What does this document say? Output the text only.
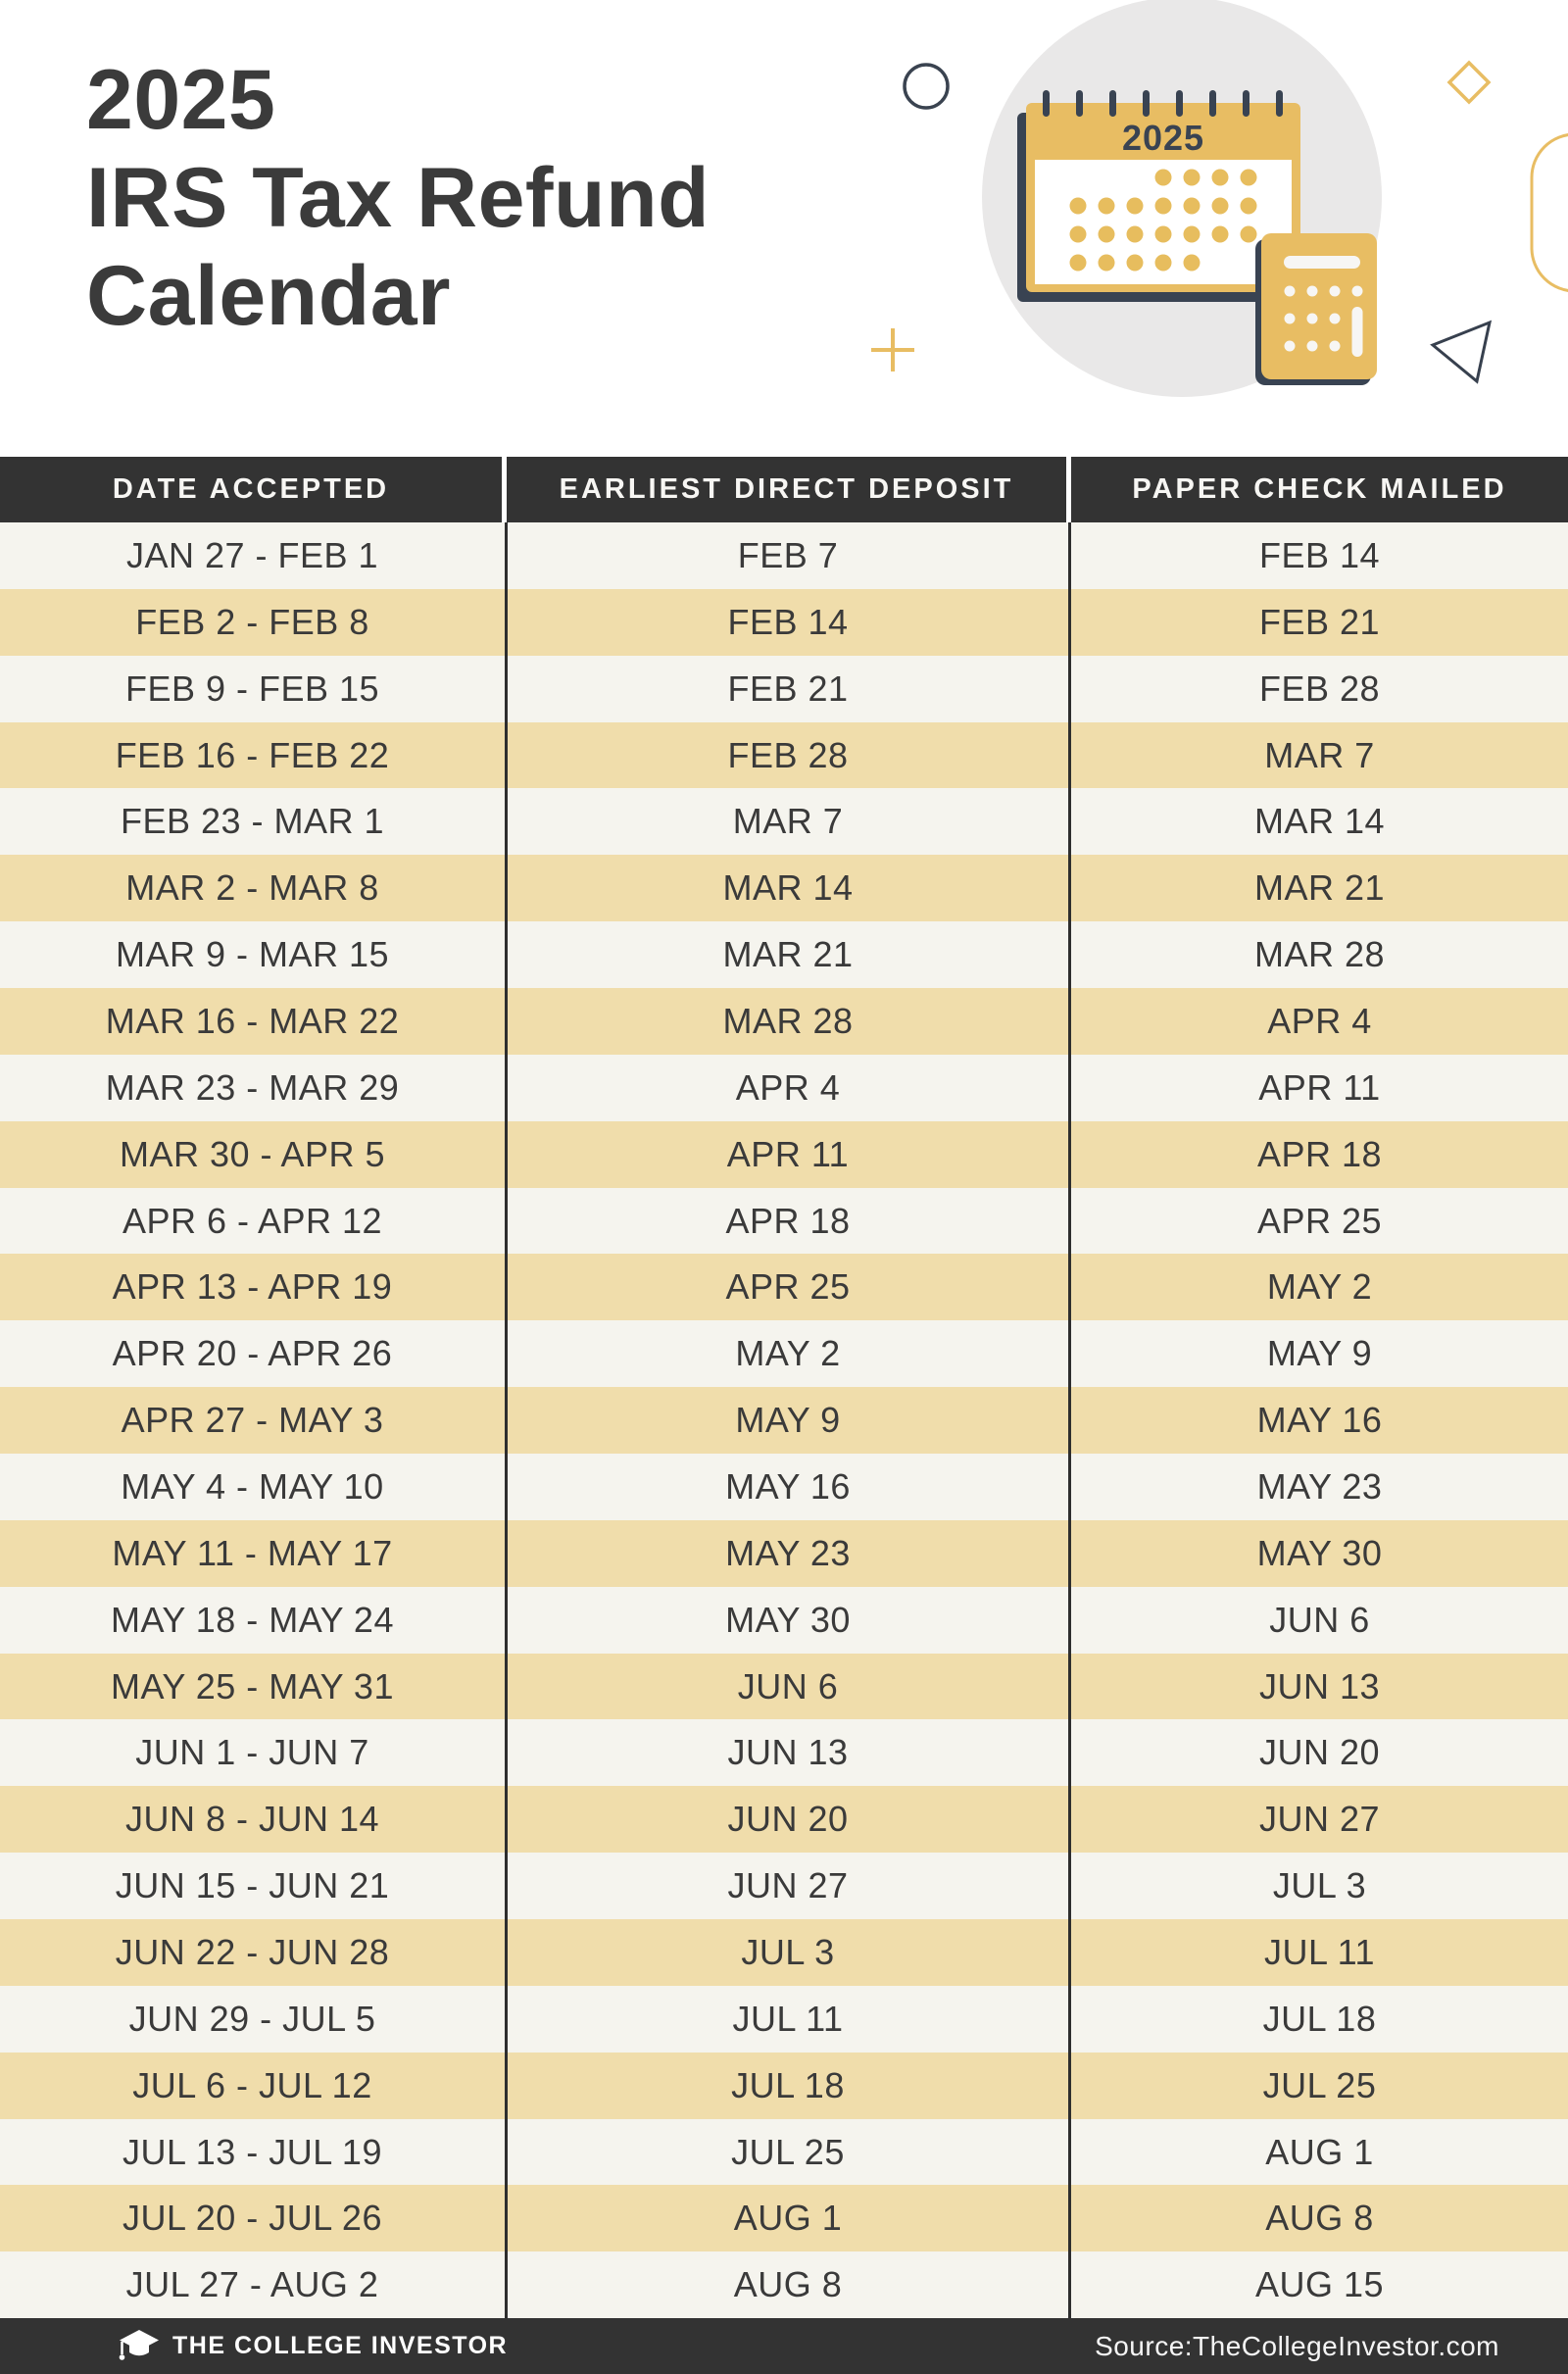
2025
2025
IRS Tax Refund
Calendar
DATE ACCEPTED	EARLIEST DIRECT DEPOSIT	PAPER CHECK MAILED
JAN 27 - FEB 1	FEB 7	FEB 14
FEB 2 - FEB 8	FEB 14	FEB 21
FEB 9 - FEB 15	FEB 21	FEB 28
FEB 16 - FEB 22	FEB 28	MAR 7
FEB 23 - MAR 1	MAR 7	MAR 14
MAR 2 - MAR 8	MAR 14	MAR 21
MAR 9 - MAR 15	MAR 21	MAR 28
MAR 16 - MAR 22	MAR 28	APR 4
MAR 23 - MAR 29	APR 4	APR 11
MAR 30 - APR 5	APR 11	APR 18
APR 6 - APR 12	APR 18	APR 25
APR 13 - APR 19	APR 25	MAY 2
APR 20 - APR 26	MAY 2	MAY 9
APR 27 - MAY 3	MAY 9	MAY 16
MAY 4 - MAY 10	MAY 16	MAY 23
MAY 11 - MAY 17	MAY 23	MAY 30
MAY 18 - MAY 24	MAY 30	JUN 6
MAY 25 - MAY 31	JUN 6	JUN 13
JUN 1 - JUN 7	JUN 13	JUN 20
JUN 8 - JUN 14	JUN 20	JUN 27
JUN 15 - JUN 21	JUN 27	JUL 3
JUN 22 - JUN 28	JUL 3	JUL 11
JUN 29 - JUL 5	JUL 11	JUL 18
JUL 6 - JUL 12	JUL 18	JUL 25
JUL 13 - JUL 19	JUL 25	AUG 1
JUL 20 - JUL 26	AUG 1	AUG 8
JUL 27 - AUG 2	AUG 8	AUG 15
THE COLLEGE INVESTOR	Source:TheCollegeInvestor.com
